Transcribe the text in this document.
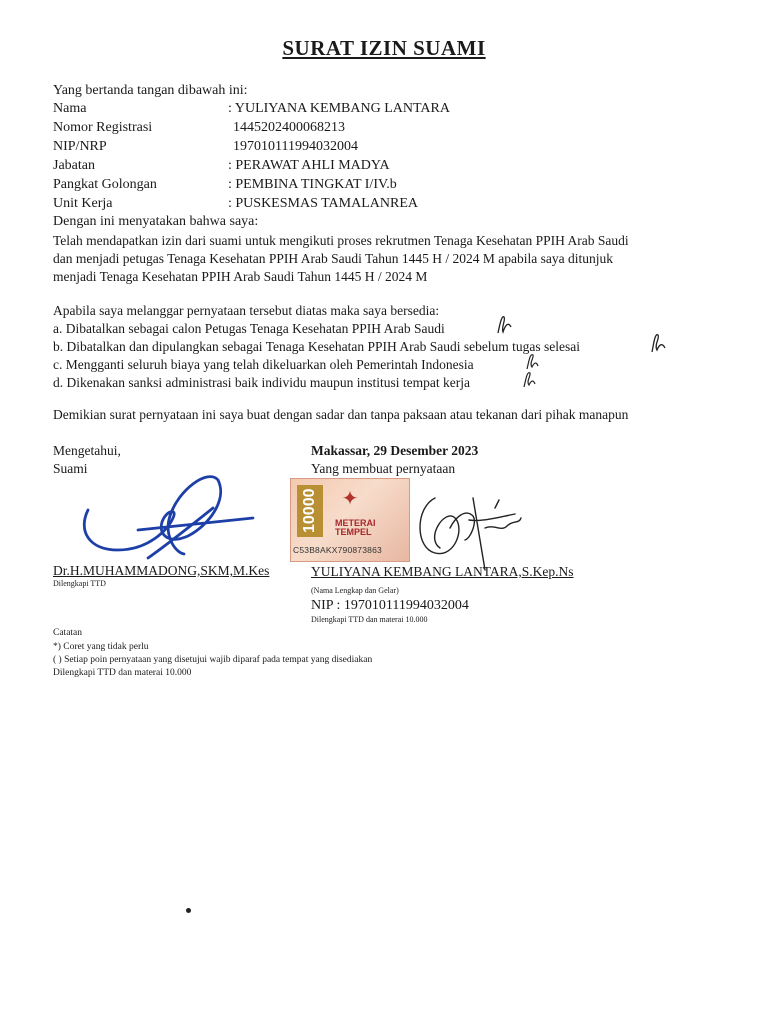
SURAT IZIN SUAMI
Yang bertanda tangan dibawah ini:
Nama	: YULIYANA KEMBANG LANTARA
Nomor Registrasi	1445202400068213
NIP/NRP	197010111994032004
Jabatan	: PERAWAT AHLI MADYA
Pangkat Golongan	: PEMBINA TINGKAT I/IV.b
Unit Kerja	: PUSKESMAS TAMALANREA
Dengan ini menyatakan bahwa saya:
Telah mendapatkan izin dari suami untuk mengikuti proses rekrutmen Tenaga Kesehatan PPIH Arab Saudi
dan menjadi petugas Tenaga Kesehatan PPIH Arab Saudi Tahun 1445 H / 2024 M apabila saya ditunjuk
menjadi Tenaga Kesehatan PPIH Arab Saudi Tahun 1445 H / 2024 M
Apabila saya melanggar pernyataan tersebut diatas maka saya bersedia:
a. Dibatalkan sebagai calon Petugas Tenaga Kesehatan PPIH Arab Saudi
b. Dibatalkan dan dipulangkan sebagai Tenaga Kesehatan PPIH Arab Saudi sebelum tugas selesai
c. Mengganti seluruh biaya yang telah dikeluarkan oleh Pemerintah Indonesia
d. Dikenakan sanksi administrasi baik individu maupun institusi tempat kerja
Demikian surat pernyataan ini saya buat dengan sadar dan tanpa paksaan atau tekanan dari pihak manapun
Mengetahui,
Suami
Dr.H.MUHAMMADONG,SKM,M.Kes
Dilengkapi TTD
Makassar, 29 Desember 2023
Yang membuat pernyataan
10000 ✦
METERAI
TEMPEL
C53B8AKX790873863
YULIYANA KEMBANG LANTARA,S.Kep.Ns
(Nama Lengkap dan Gelar)
NIP : 197010111994032004
Dilengkapi TTD dan materai 10.000
Catatan
*) Coret yang tidak perlu
( ) Setiap poin pernyataan yang disetujui wajib diparaf pada tempat yang disediakan
Dilengkapi TTD dan materai 10.000
